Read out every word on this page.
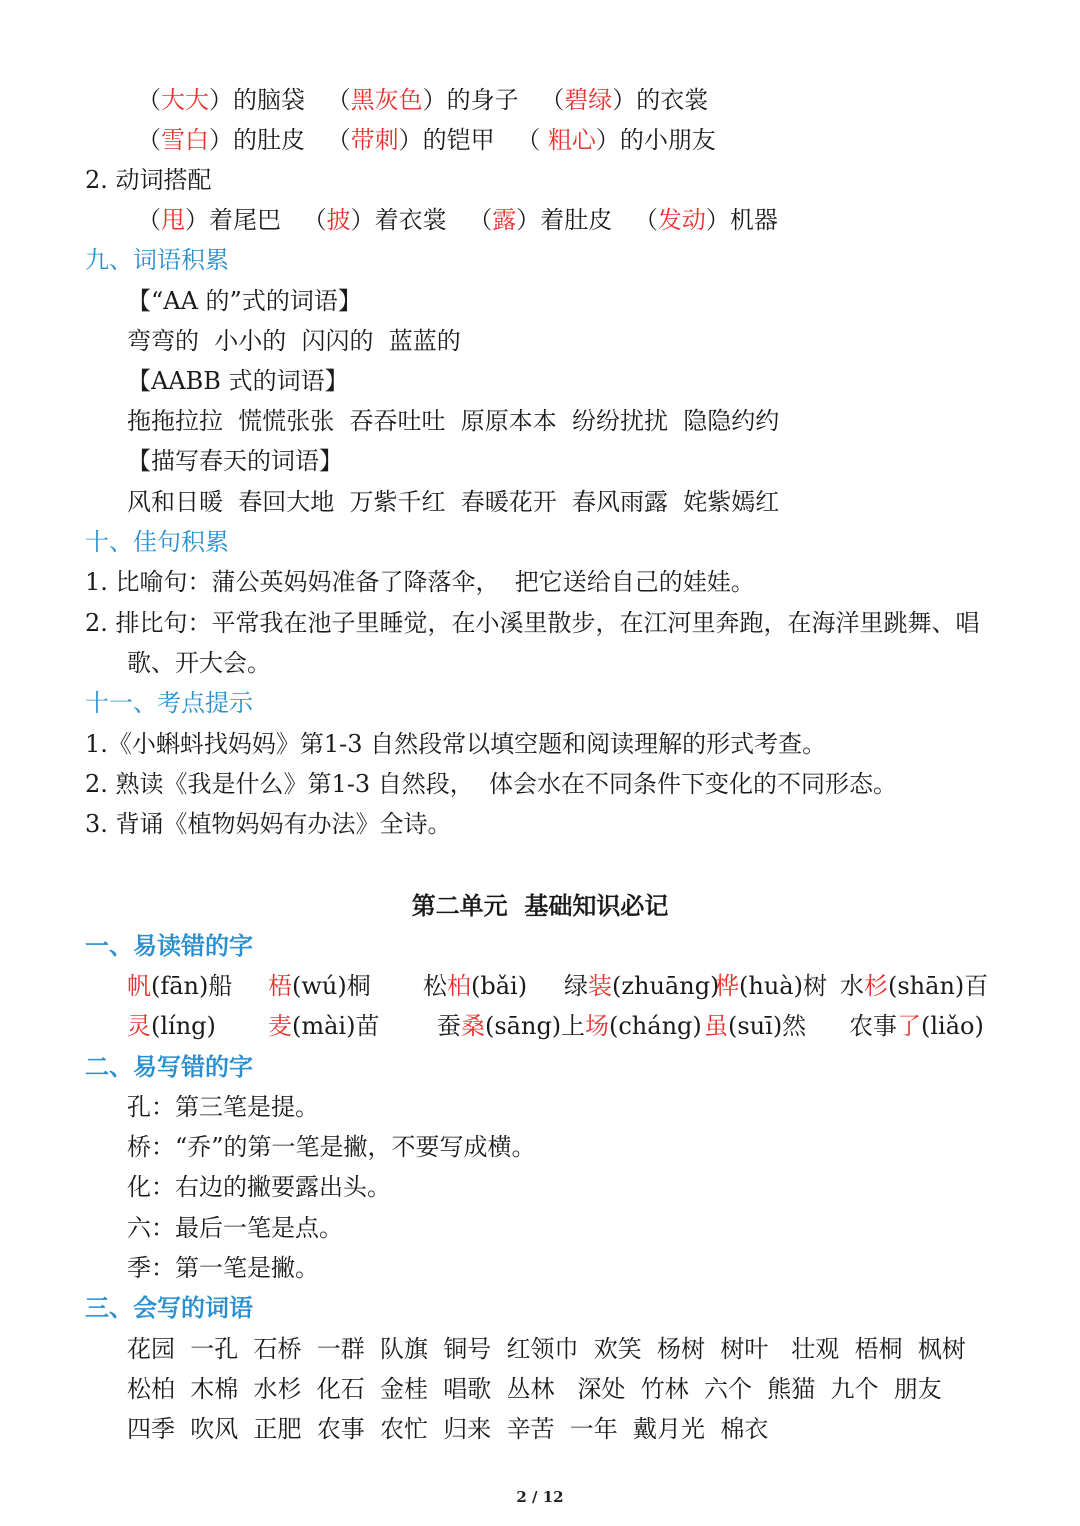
（大大）的脑袋 （黑灰色）的身子 （碧绿）的衣裳
（雪白）的肚皮 （带刺）的铠甲 （ 粗心）的小朋友
2. 动词搭配
（甩）着尾巴 （披）着衣裳 （露）着肚皮 （发动）机器
九、词语积累
【“AA 的”式的词语】
弯弯的  小小的  闪闪的  蓝蓝的
【AABB 式的词语】
拖拖拉拉  慌慌张张  吞吞吐吐  原原本本  纷纷扰扰  隐隐约约
【描写春天的词语】
风和日暖  春回大地  万紫千红  春暖花开  春风雨露  姹紫嫣红
十、佳句积累
1. 比喻句：蒲公英妈妈准备了降落伞，  把它送给自己的娃娃。
2. 排比句：平常我在池子里睡觉，在小溪里散步，在江河里奔跑，在海洋里跳舞、唱
歌、开大会。
十一、考点提示
1.《小蝌蚪找妈妈》第1-3 自然段常以填空题和阅读理解的形式考查。
2. 熟读《我是什么》第1-3 自然段，  体会水在不同条件下变化的不同形态。
3. 背诵《植物妈妈有办法》全诗。
第二单元  基础知识必记
一、易读错的字
帆(fān)船 梧(wú)桐 松柏(bǎi) 绿装(zhuāng)
桦(huà)树 水杉(shān)百
灵(líng) 麦(mài)苗 蚕桑(sāng) 上场(cháng) 虽(suī)然 农事了(liǎo)
二、易写错的字
孔：第三笔是提。
桥：“乔”的第一笔是撇，不要写成横。
化：右边的撇要露出头。
六：最后一笔是点。
季：第一笔是撇。
三、会写的词语
花园  一孔  石桥  一群  队旗  铜号  红领巾  欢笑  杨树  树叶   壮观  梧桐  枫树
松柏  木棉  水杉  化石  金桂  唱歌  丛林   深处  竹林  六个  熊猫  九个  朋友
四季  吹风  正肥  农事  农忙  归来  辛苦  一年  戴月光  棉衣
2 / 12
